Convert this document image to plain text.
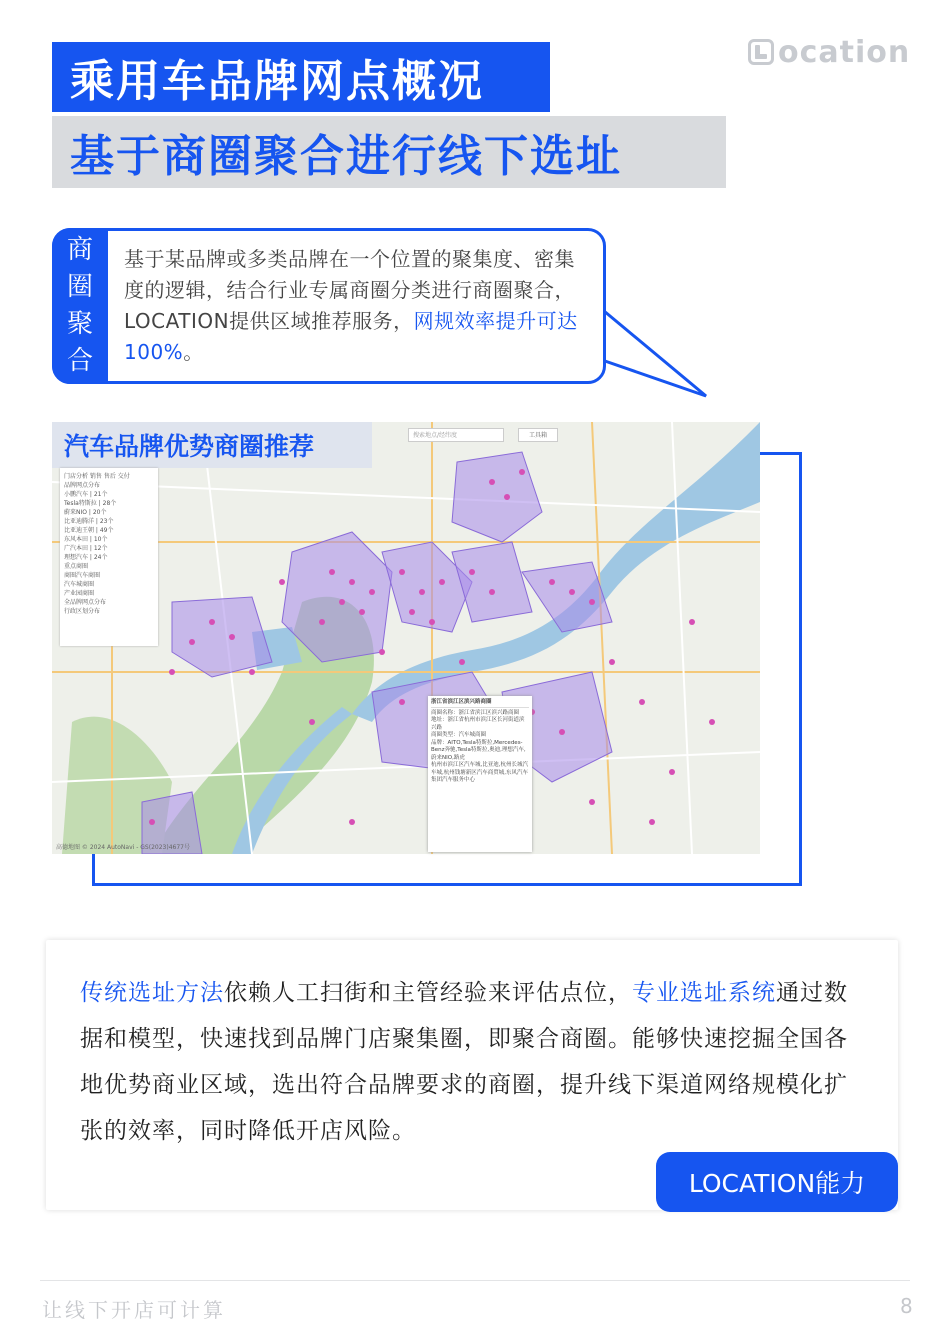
ocation
乘用车品牌网点概况
基于商圈聚合进行线下选址
商
圈
聚
合
基于某品牌或多类品牌在一个位置的聚集度、密集度的逻辑，结合行业专属商圈分类进行商圈聚合，LOCATION提供区域推荐服务，网规效率提升可达100%。
汽车品牌优势商圈推荐	搜索地点/经纬度	工具箱
门店分析 销售 售后 交付
品牌网点分布
小鹏汽车 | 21个
Tesla特斯拉 | 28个
蔚来NIO | 20个
比亚迪腾洋 | 23个
比亚迪王朝 | 49个
东风本田 | 10个
广汽本田 | 12个
理想汽车 | 24个
重点商圈
商圈汽车商圈
汽车城商圈
产业园商圈
全品牌网点分布
行政区划分布
浙江省滨江区滨兴路商圈
商圈名称：浙江省滨江区滨兴路商圈
地址：浙江省杭州市滨江区长河街道滨兴路
商圈类型：汽车城商圈
品牌：AITO,Tesla特斯拉,Mercedes-Benz奔驰,Tesla特斯拉,奥迪,理想汽车,蔚来NIO,路虎
杭州市滨江区汽车城,比亚迪,杭州长城汽车城,杭州钱塘新区汽车商贸城,东风汽车集团汽车服务中心
高德地图 © 2024 AutoNavi - GS(2023)4677号
传统选址方法依赖人工扫街和主管经验来评估点位，专业选址系统通过数据和模型，快速找到品牌门店聚集圈，即聚合商圈。能够快速挖掘全国各地优势商业区域，选出符合品牌要求的商圈，提升线下渠道网络规模化扩张的效率，同时降低开店风险。
LOCATION能力
让线下开店可计算	8
